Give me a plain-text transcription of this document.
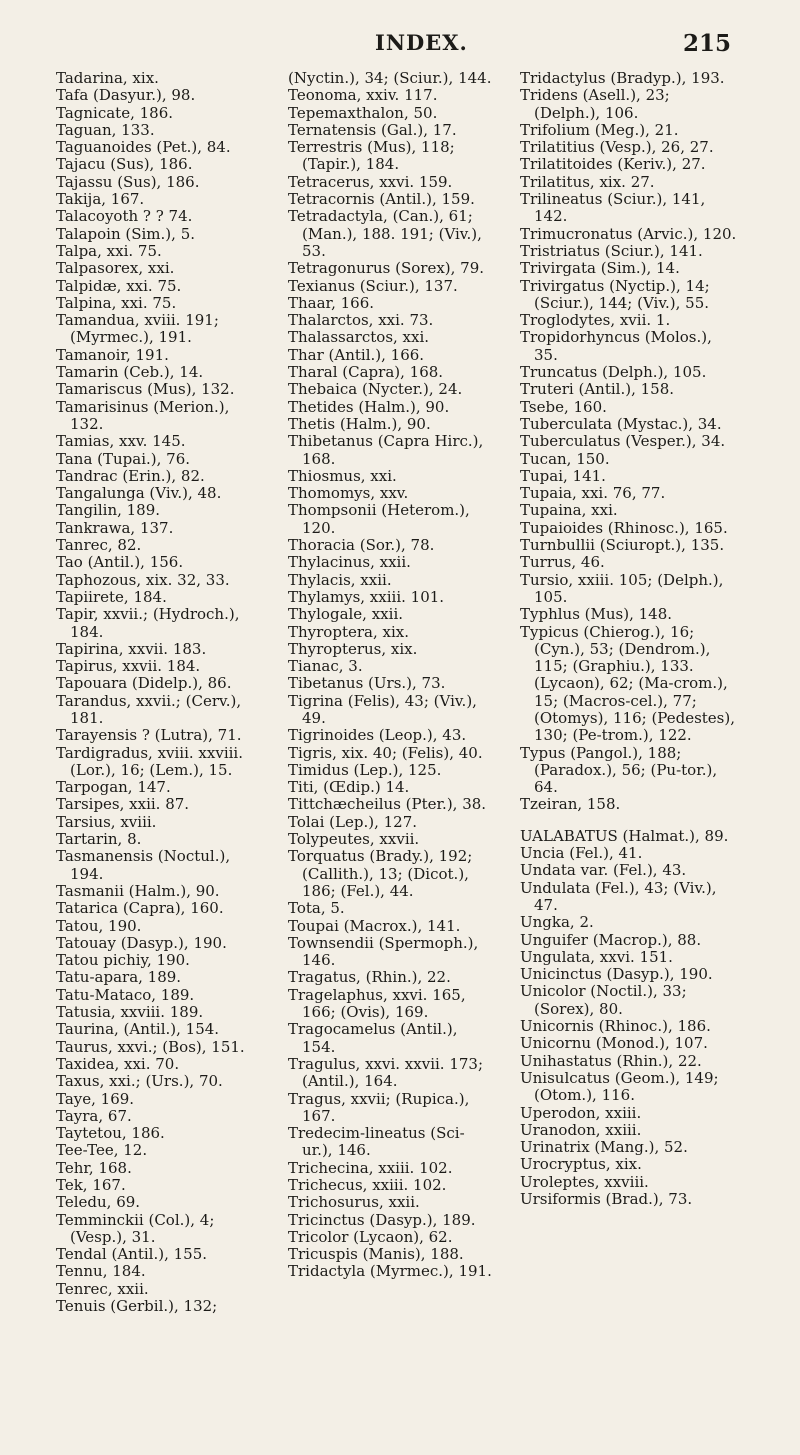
INDEX.	215
Tadarina, xix.
Tafa (Dasyur.), 98.
Tagnicate, 186.
Taguan, 133.
Taguanoides (Pet.), 84.
Tajacu (Sus), 186.
Tajassu (Sus), 186.
Takija, 167.
Talacoyoth ? ? 74.
Talapoin (Sim.), 5.
Talpa, xxi. 75.
Talpasorex, xxi.
Talpidæ, xxi. 75.
Talpina, xxi. 75.
Tamandua, xviii. 191; (Myrmec.), 191.
Tamanoir, 191.
Tamarin (Ceb.), 14.
Tamariscus (Mus), 132.
Tamarisinus (Merion.), 132.
Tamias, xxv. 145.
Tana (Tupai.), 76.
Tandrac (Erin.), 82.
Tangalunga (Viv.), 48.
Tangilin, 189.
Tankrawa, 137.
Tanrec, 82.
Tao (Antil.), 156.
Taphozous, xix. 32, 33.
Tapiirete, 184.
Tapir, xxvii.; (Hydroch.), 184.
Tapirina, xxvii. 183.
Tapirus, xxvii. 184.
Tapouara (Didelp.), 86.
Tarandus, xxvii.; (Cerv.), 181.
Tarayensis ? (Lutra), 71.
Tardigradus, xviii. xxviii. (Lor.), 16; (Lem.), 15.
Tarpogan, 147.
Tarsipes, xxii. 87.
Tarsius, xviii.
Tartarin, 8.
Tasmanensis (Noctul.), 194.
Tasmanii (Halm.), 90.
Tatarica (Capra), 160.
Tatou, 190.
Tatouay (Dasyp.), 190.
Tatou pichiy, 190.
Tatu-apara, 189.
Tatu-Mataco, 189.
Tatusia, xxviii. 189.
Taurina, (Antil.), 154.
Taurus, xxvi.; (Bos), 151.
Taxidea, xxi. 70.
Taxus, xxi.; (Urs.), 70.
Taye, 169.
Tayra, 67.
Taytetou, 186.
Tee-Tee, 12.
Tehr, 168.
Tek, 167.
Teledu, 69.
Temminckii (Col.), 4; (Vesp.), 31.
Tendal (Antil.), 155.
Tennu, 184.
Tenrec, xxii.
Tenuis (Gerbil.), 132;
(Nyctin.), 34; (Sciur.), 144.
Teonoma, xxiv. 117.
Tepemaxthalon, 50.
Ternatensis (Gal.), 17.
Terrestris (Mus), 118; (Tapir.), 184.
Tetracerus, xxvi. 159.
Tetracornis (Antil.), 159.
Tetradactyla, (Can.), 61; (Man.), 188. 191; (Viv.), 53.
Tetragonurus (Sorex), 79.
Texianus (Sciur.), 137.
Thaar, 166.
Thalarctos, xxi. 73.
Thalassarctos, xxi.
Thar (Antil.), 166.
Tharal (Capra), 168.
Thebaica (Nycter.), 24.
Thetides (Halm.), 90.
Thetis (Halm.), 90.
Thibetanus (Capra Hirc.), 168.
Thiosmus, xxi.
Thomomys, xxv.
Thompsonii (Heterom.), 120.
Thoracia (Sor.), 78.
Thylacinus, xxii.
Thylacis, xxii.
Thylamys, xxiii. 101.
Thylogale, xxii.
Thyroptera, xix.
Thyropterus, xix.
Tianac, 3.
Tibetanus (Urs.), 73.
Tigrina (Felis), 43; (Viv.), 49.
Tigrinoides (Leop.), 43.
Tigris, xix. 40; (Felis), 40.
Timidus (Lep.), 125.
Titi, (Œdip.) 14.
Tittchæcheilus (Pter.), 38.
Tolai (Lep.), 127.
Tolypeutes, xxvii.
Torquatus (Brady.), 192; (Callith.), 13; (Dicot.), 186; (Fel.), 44.
Tota, 5.
Toupai (Macrox.), 141.
Townsendii (Spermoph.), 146.
Tragatus, (Rhin.), 22.
Tragelaphus, xxvi. 165, 166; (Ovis), 169.
Tragocamelus (Antil.), 154.
Tragulus, xxvi. xxvii. 173; (Antil.), 164.
Tragus, xxvii; (Rupica.), 167.
Tredecim-lineatus (Sci-ur.), 146.
Trichecina, xxiii. 102.
Trichecus, xxiii. 102.
Trichosurus, xxii.
Tricinctus (Dasyp.), 189.
Tricolor (Lycaon), 62.
Tricuspis (Manis), 188.
Tridactyla (Myrmec.), 191.
Tridactylus (Bradyp.), 193.
Tridens (Asell.), 23; (Delph.), 106.
Trifolium (Meg.), 21.
Trilatitius (Vesp.), 26, 27.
Trilatitoides (Keriv.), 27.
Trilatitus, xix. 27.
Trilineatus (Sciur.), 141, 142.
Trimucronatus (Arvic.), 120.
Tristriatus (Sciur.), 141.
Trivirgata (Sim.), 14.
Trivirgatus (Nyctip.), 14; (Sciur.), 144; (Viv.), 55.
Troglodytes, xvii. 1.
Tropidorhyncus (Molos.), 35.
Truncatus (Delph.), 105.
Truteri (Antil.), 158.
Tsebe, 160.
Tuberculata (Mystac.), 34.
Tuberculatus (Vesper.), 34.
Tucan, 150.
Tupai, 141.
Tupaia, xxi. 76, 77.
Tupaina, xxi.
Tupaioides (Rhinosc.), 165.
Turnbullii (Sciuropt.), 135.
Turrus, 46.
Tursio, xxiii. 105; (Delph.), 105.
Typhlus (Mus), 148.
Typicus (Chierog.), 16; (Cyn.), 53; (Dendrom.), 115; (Graphiu.), 133. (Lycaon), 62; (Ma-crom.), 15; (Macros-cel.), 77; (Otomys), 116; (Pedestes), 130; (Pe-trom.), 122.
Typus (Pangol.), 188; (Paradox.), 56; (Pu-tor.), 64.
Tzeiran, 158.
UALABATUS (Halmat.), 89.
Uncia (Fel.), 41.
Undata var. (Fel.), 43.
Undulata (Fel.), 43; (Viv.), 47.
Ungka, 2.
Unguifer (Macrop.), 88.
Ungulata, xxvi. 151.
Unicinctus (Dasyp.), 190.
Unicolor (Noctil.), 33; (Sorex), 80.
Unicornis (Rhinoc.), 186.
Unicornu (Monod.), 107.
Unihastatus (Rhin.), 22.
Unisulcatus (Geom.), 149; (Otom.), 116.
Uperodon, xxiii.
Uranodon, xxiii.
Urinatrix (Mang.), 52.
Urocryptus, xix.
Uroleptes, xxviii.
Ursiformis (Brad.), 73.
